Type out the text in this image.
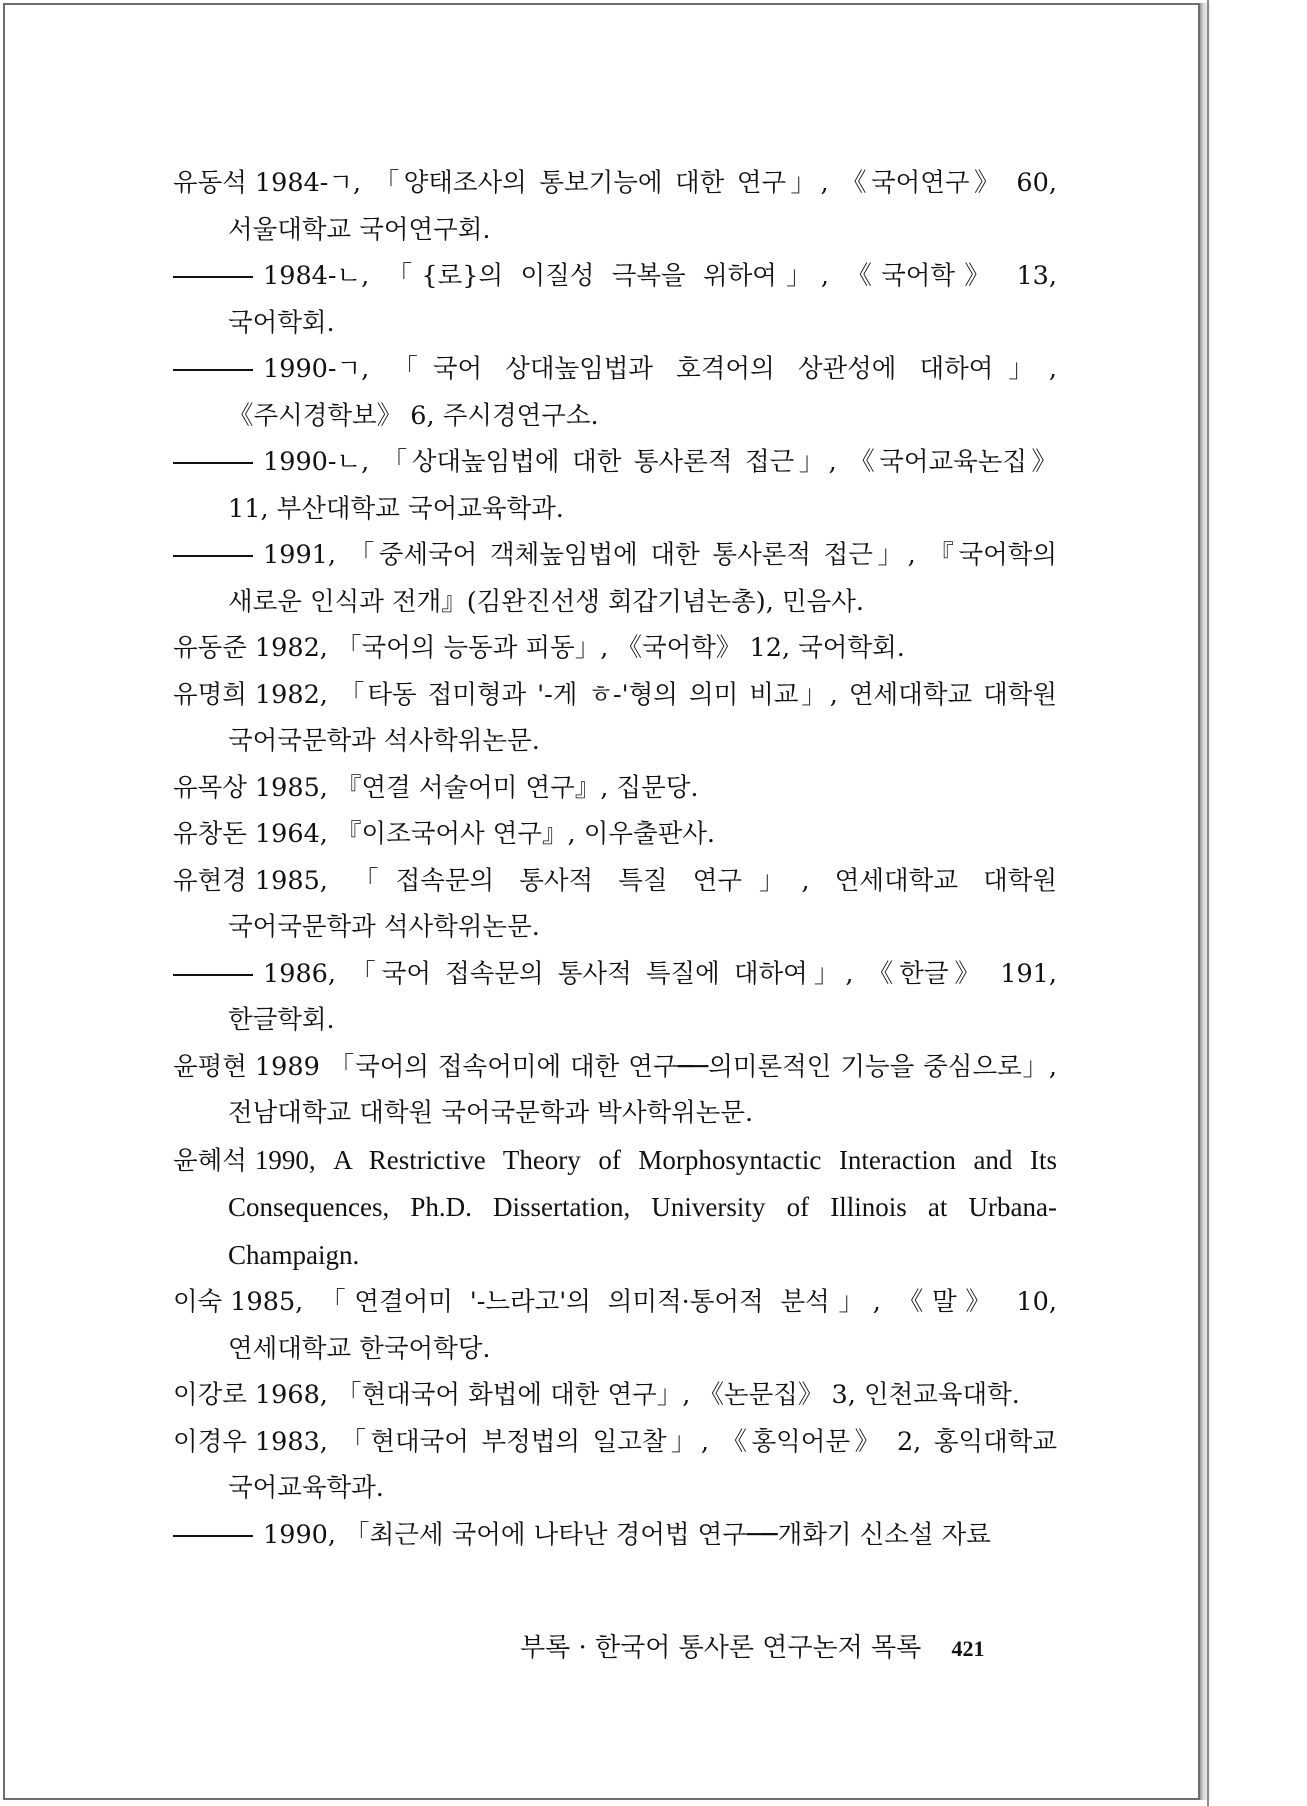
유동석 1984-ㄱ, 「양태조사의 통보기능에 대한 연구」, 《국어연구》 60, 서울대학교 국어연구회.
1984-ㄴ, 「{로}의 이질성 극복을 위하여」, 《국어학》 13, 국어학회.
1990-ㄱ, 「국어 상대높임법과 호격어의 상관성에 대하여」, 《주시경학보》 6, 주시경연구소.
1990-ㄴ, 「상대높임법에 대한 통사론적 접근」, 《국어교육논집》 11, 부산대학교 국어교육학과.
1991, 「중세국어 객체높임법에 대한 통사론적 접근」, 『국어학의 새로운 인식과 전개』(김완진선생 회갑기념논총), 민음사.
유동준 1982, 「국어의 능동과 피동」, 《국어학》 12, 국어학회.
유명희 1982, 「타동 접미형과 '-게 ㅎ-'형의 의미 비교」, 연세대학교 대학원 국어국문학과 석사학위논문.
유목상 1985, 『연결 서술어미 연구』, 집문당.
유창돈 1964, 『이조국어사 연구』, 이우출판사.
유현경 1985, 「접속문의 통사적 특질 연구」, 연세대학교 대학원 국어국문학과 석사학위논문.
1986, 「국어 접속문의 통사적 특질에 대하여」, 《한글》 191, 한글학회.
윤평현 1989 「국어의 접속어미에 대한 연구──의미론적인 기능을 중심으로」, 전남대학교 대학원 국어국문학과 박사학위논문.
윤혜석 1990, A Restrictive Theory of Morphosyntactic Interaction and Its Consequences, Ph.D. Dissertation, University of Illinois at Urbana-Champaign.
이숙 1985, 「연결어미 '-느라고'의 의미적·통어적 분석」, 《말》 10, 연세대학교 한국어학당.
이강로 1968, 「현대국어 화법에 대한 연구」, 《논문집》 3, 인천교육대학.
이경우 1983, 「현대국어 부정법의 일고찰」, 《홍익어문》 2, 홍익대학교 국어교육학과.
1990, 「최근세 국어에 나타난 경어법 연구──개화기 신소설 자료
부록 · 한국어 통사론 연구논저 목록 421
